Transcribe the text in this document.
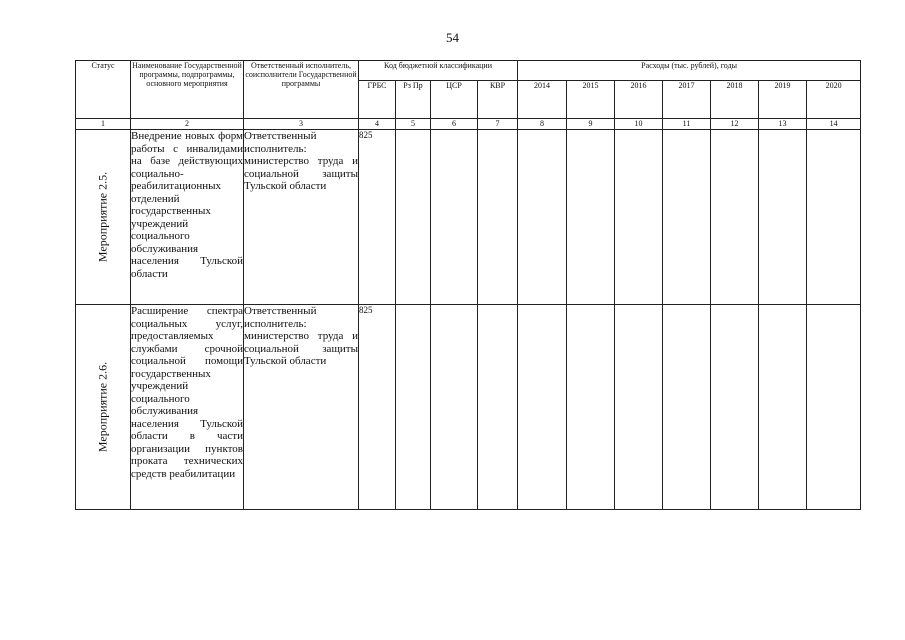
54
Статус	Наименование Государственной программы, подпрограммы, основного мероприятия	Ответственный исполнитель, соисполнители Государственной программы	Код бюджетной классификации				Расходы (тыс. рублей), годы						
			ГРБС	Рз Пр	ЦСР	КВР	2014	2015	2016	2017	2018	2019	2020
1	2	3	4	5	6	7	8	9	10	11	12	13	14

Мероприятие 2.5.	Внедрение новых форм работы с инвалидами на базе действующих социально-реабилитационных отделений государственных учреждений социального обслуживания населения Тульской области	Ответственный исполнитель: министерство труда и социальной защиты Тульской области	825										

Мероприятие 2.6.	Расширение спектра социальных услуг, предоставляемых службами срочной социальной помощи государственных учреждений социального обслуживания населения Тульской области в части организации пунктов проката технических средств реабилитации	Ответственный исполнитель: министерство труда и социальной защиты Тульской области	825										
